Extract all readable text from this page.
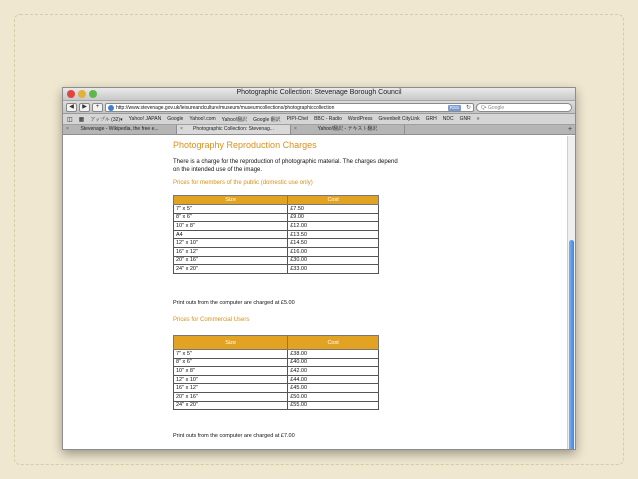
Photographic Collection: Stevenage Borough Council
◀	▶	+	http://www.stevenage.gov.uk/leisureandculture/museum/museumcollections/photographiccollection	RSS	↻	Q• Google
◫ ▦ アップル (32)▾ Yahoo! JAPAN Google Yahoo!.com Yahoo!翻訳 Google 翻訳 PIPI-Chel BBC - Radio WordPress Greenbelt CityLink GRH NDC GNR »
× Stevenage - Wikipedia, the free e...	× Photographic Collection: Stevenag...	×	Yahoo!翻訳 - テキスト翻訳	+
Photography Reproduction Charges

There is a charge for the reproduction of photographic material. The charges depend on the intended use of the image.

Prices for members of the public (domestic use only)
Size	Cost
7" x 5"	£7.50
8" x 6"	£9.00
10" x 8"	£12.00
A4	£13.50
12" x 10"	£14.50
16" x 12"	£16.00
20" x 16"	£30.00
24" x 20"	£33.00
Print outs from the computer are charged at £5.00
Prices for Commercial Users
Size	Cost
7" x 5"	£38.00
8" x 6"	£40.00
10" x 8"	£42.00
12" x 10"	£44.00
16" x 12"	£45.00
20" x 16"	£50.00
24" x 20"	£55.00
Print outs from the computer are charged at £7.00
